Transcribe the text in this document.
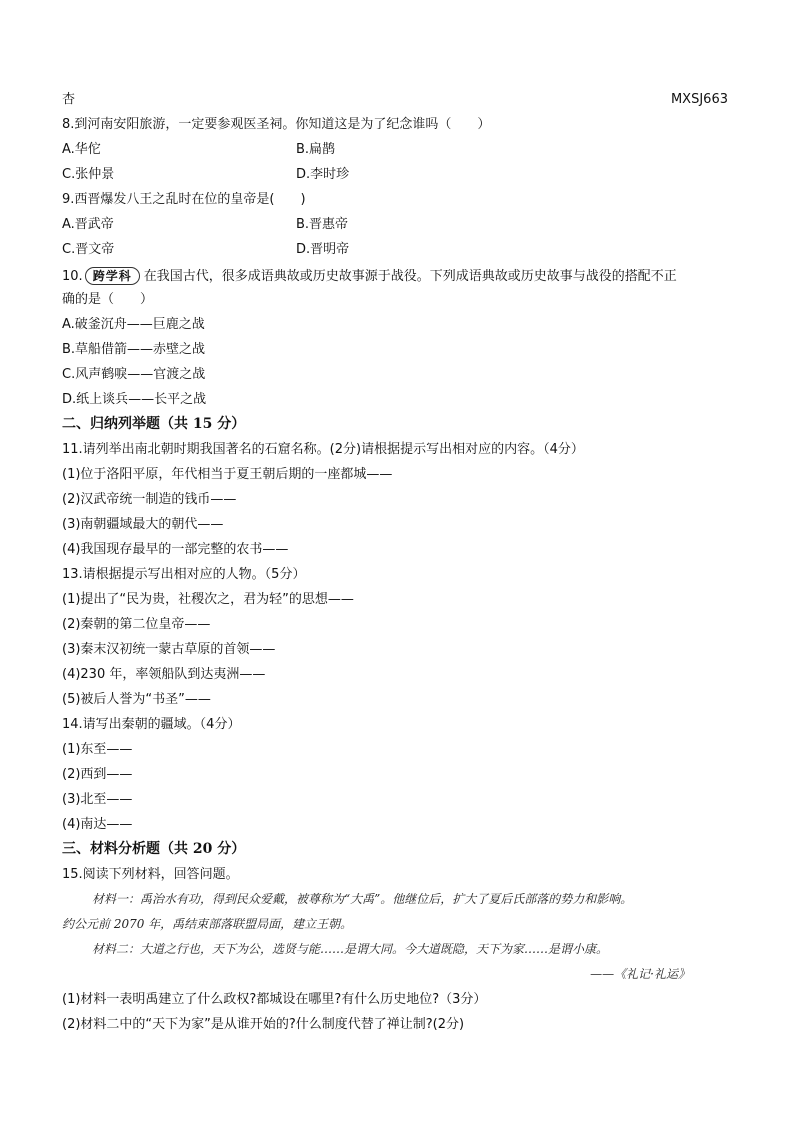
杏	MXSJ663
8.到河南安阳旅游，一定要参观医圣祠。你知道这是为了纪念谁吗（　　）
A.华佗	B.扁鹊
C.张仲景	D.李时珍
9.西晋爆发八王之乱时在位的皇帝是(　　)
A.晋武帝	B.晋惠帝
C.晋文帝	D.晋明帝
10. 跨学科 在我国古代，很多成语典故或历史故事源于战役。下列成语典故或历史故事与战役的搭配不正
确的是（　　）
A.破釜沉舟——巨鹿之战
B.草船借箭——赤壁之战
C.风声鹤唳——官渡之战
D.纸上谈兵——长平之战
二、归纳列举题（共 15 分）
11.请列举出南北朝时期我国著名的石窟名称。(2分)请根据提示写出相对应的内容。（4分）
(1)位于洛阳平原，年代相当于夏王朝后期的一座都城——
(2)汉武帝统一制造的钱币——
(3)南朝疆域最大的朝代——
(4)我国现存最早的一部完整的农书——
13.请根据提示写出相对应的人物。（5分）
(1)提出了“民为贵，社稷次之，君为轻”的思想——
(2)秦朝的第二位皇帝——
(3)秦末汉初统一蒙古草原的首领——
(4)230 年，率领船队到达夷洲——
(5)被后人誉为“书圣”——
14.请写出秦朝的疆域。（4分）
(1)东至——
(2)西到——
(3)北至——
(4)南达——
三、材料分析题（共 20 分）
15.阅读下列材料，回答问题。
材料一：禹治水有功，得到民众爱戴，被尊称为“大禹”。他继位后，扩大了夏后氏部落的势力和影响。
约公元前 2070 年，禹结束部落联盟局面，建立王朝。
材料二：大道之行也，天下为公，选贤与能……是谓大同。今大道既隐，天下为家……是谓小康。
——《礼记·礼运》
(1)材料一表明禹建立了什么政权?都城设在哪里?有什么历史地位?（3分）
(2)材料二中的“天下为家”是从谁开始的?什么制度代替了禅让制?(2分)
